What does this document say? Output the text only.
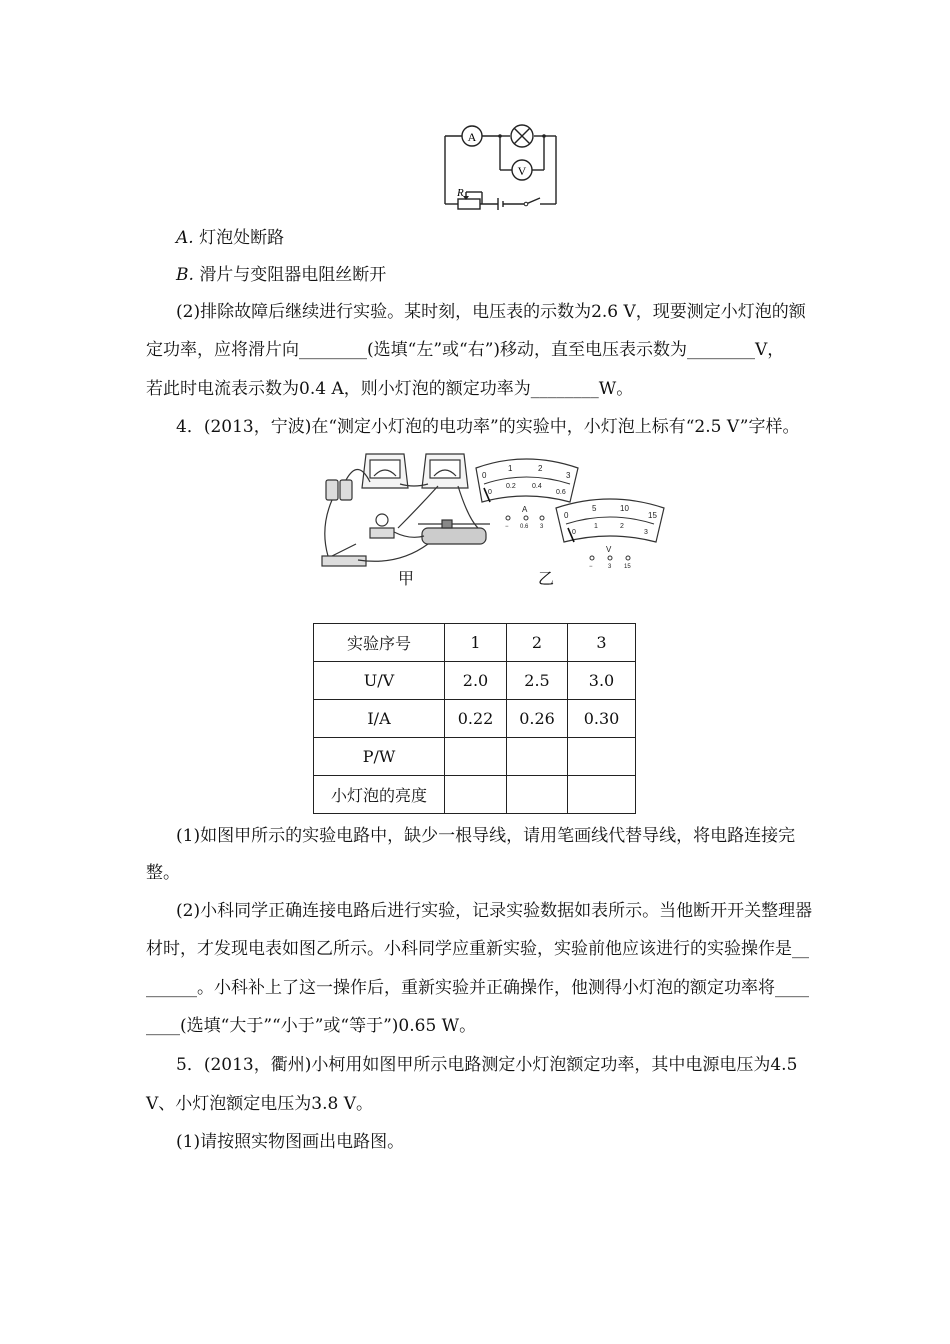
A
V
R
A. 灯泡处断路
B. 滑片与变阻器电阻丝断开
(2)排除故障后继续进行实验。某时刻，电压表的示数为2.6 V，现要测定小灯泡的额
定功率，应将滑片向________(选填“左”或“右”)移动，直至电压表示数为________V，
若此时电流表示数为0.4 A，则小灯泡的额定功率为________W。
4．(2013，宁波)在“测定小灯泡的电功率”的实验中，小灯泡上标有“2.5 V”字样。
甲
0
1	2
3
0
0.2 0.4
0.6
A
− 0.6 3
0
5	10
15
0
1	2
3
V
−	3 15
乙
实验序号	1	2	3
U/V	2.0	2.5	3.0
I/A	0.22	0.26	0.30
P/W			
小灯泡的亮度			
(1)如图甲所示的实验电路中，缺少一根导线，请用笔画线代替导线，将电路连接完
整。
(2)小科同学正确连接电路后进行实验，记录实验数据如表所示。当他断开开关整理器
材时，才发现电表如图乙所示。小科同学应重新实验，实验前他应该进行的实验操作是__
______。小科补上了这一操作后，重新实验并正确操作，他测得小灯泡的额定功率将____
____(选填“大于”“小于”或“等于”)0.65 W。
5．(2013，衢州)小柯用如图甲所示电路测定小灯泡额定功率，其中电源电压为4.5
V、小灯泡额定电压为3.8 V。
(1)请按照实物图画出电路图。
